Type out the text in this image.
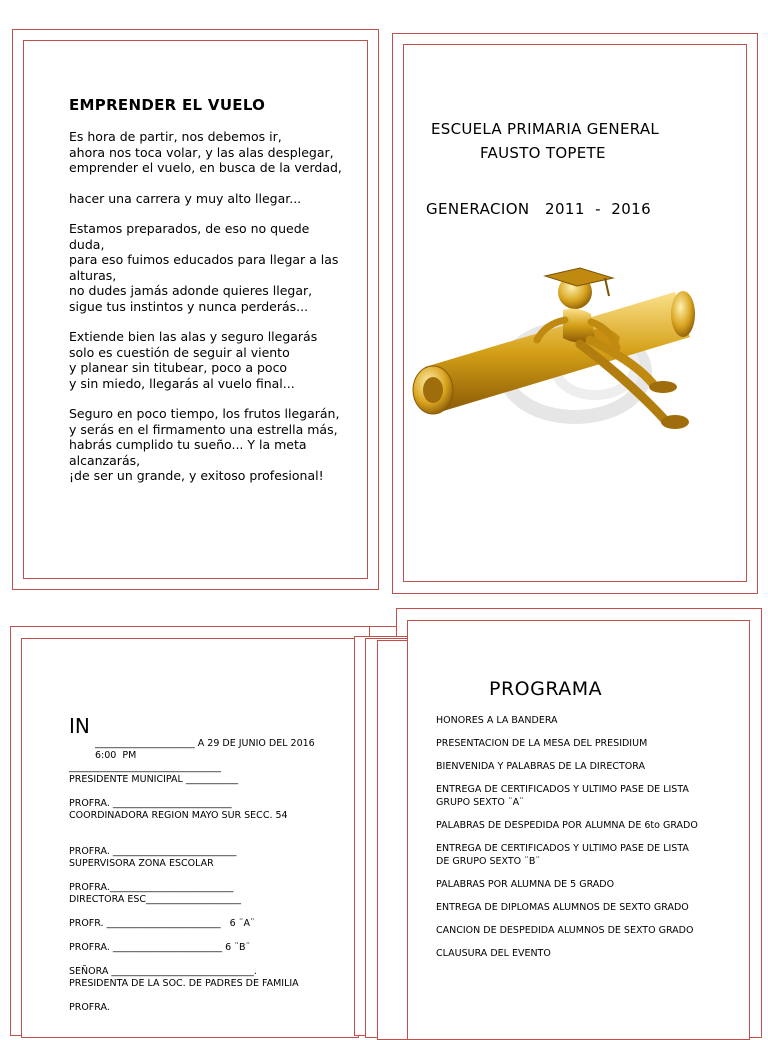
EMPRENDER EL VUELO
Es hora de partir, nos debemos ir,
ahora nos toca volar, y las alas desplegar,
emprender el vuelo, en busca de la verdad,
hacer una carrera y muy alto llegar...
Estamos preparados, de eso no quede
duda,
para eso fuimos educados para llegar a las
alturas,
no dudes jamás adonde quieres llegar,
sigue tus instintos y nunca perderás...
Extiende bien las alas y seguro llegarás
solo es cuestión de seguir al viento
y planear sin titubear, poco a poco
y sin miedo, llegarás al vuelo final...
Seguro en poco tiempo, los frutos llegarán,
y serás en el firmamento una estrella más,
habrás cumplido tu sueño... Y la meta
alcanzarás,
¡de ser un grande, y exitoso profesional!
ESCUELA PRIMARIA GENERAL
FAUSTO TOPETE
GENERACION   2011  -  2016
IN
_____________________ A 29 DE JUNIO DEL 2016
6:00  PM
________________________________
PRESIDENTE MUNICIPAL ___________

PROFRA. _________________________
COORDINADORA REGION MAYO SUR SECC. 54

PROFRA. __________________________
SUPERVISORA ZONA ESCOLAR

PROFRA.__________________________
DIRECTORA ESC____________________

PROFR. ________________________   6 ¨A¨

PROFRA. _______________________ 6 ¨B¨

SEÑORA ______________________________.
PRESIDENTA DE LA SOC. DE PADRES DE FAMILIA

PROFRA.
PROGRAMA
HONORES A LA BANDERA
PRESENTACION DE LA MESA DEL PRESIDIUM
BIENVENIDA Y PALABRAS DE LA DIRECTORA
ENTREGA DE CERTIFICADOS Y ULTIMO PASE DE LISTA GRUPO SEXTO ¨A¨
PALABRAS DE DESPEDIDA POR ALUMNA DE 6to GRADO
ENTREGA DE CERTIFICADOS Y ULTIMO PASE DE LISTA DE GRUPO SEXTO ¨B¨
PALABRAS POR ALUMNA DE 5 GRADO
ENTREGA DE DIPLOMAS ALUMNOS DE SEXTO GRADO
CANCION DE DESPEDIDA ALUMNOS DE SEXTO GRADO
CLAUSURA DEL EVENTO
